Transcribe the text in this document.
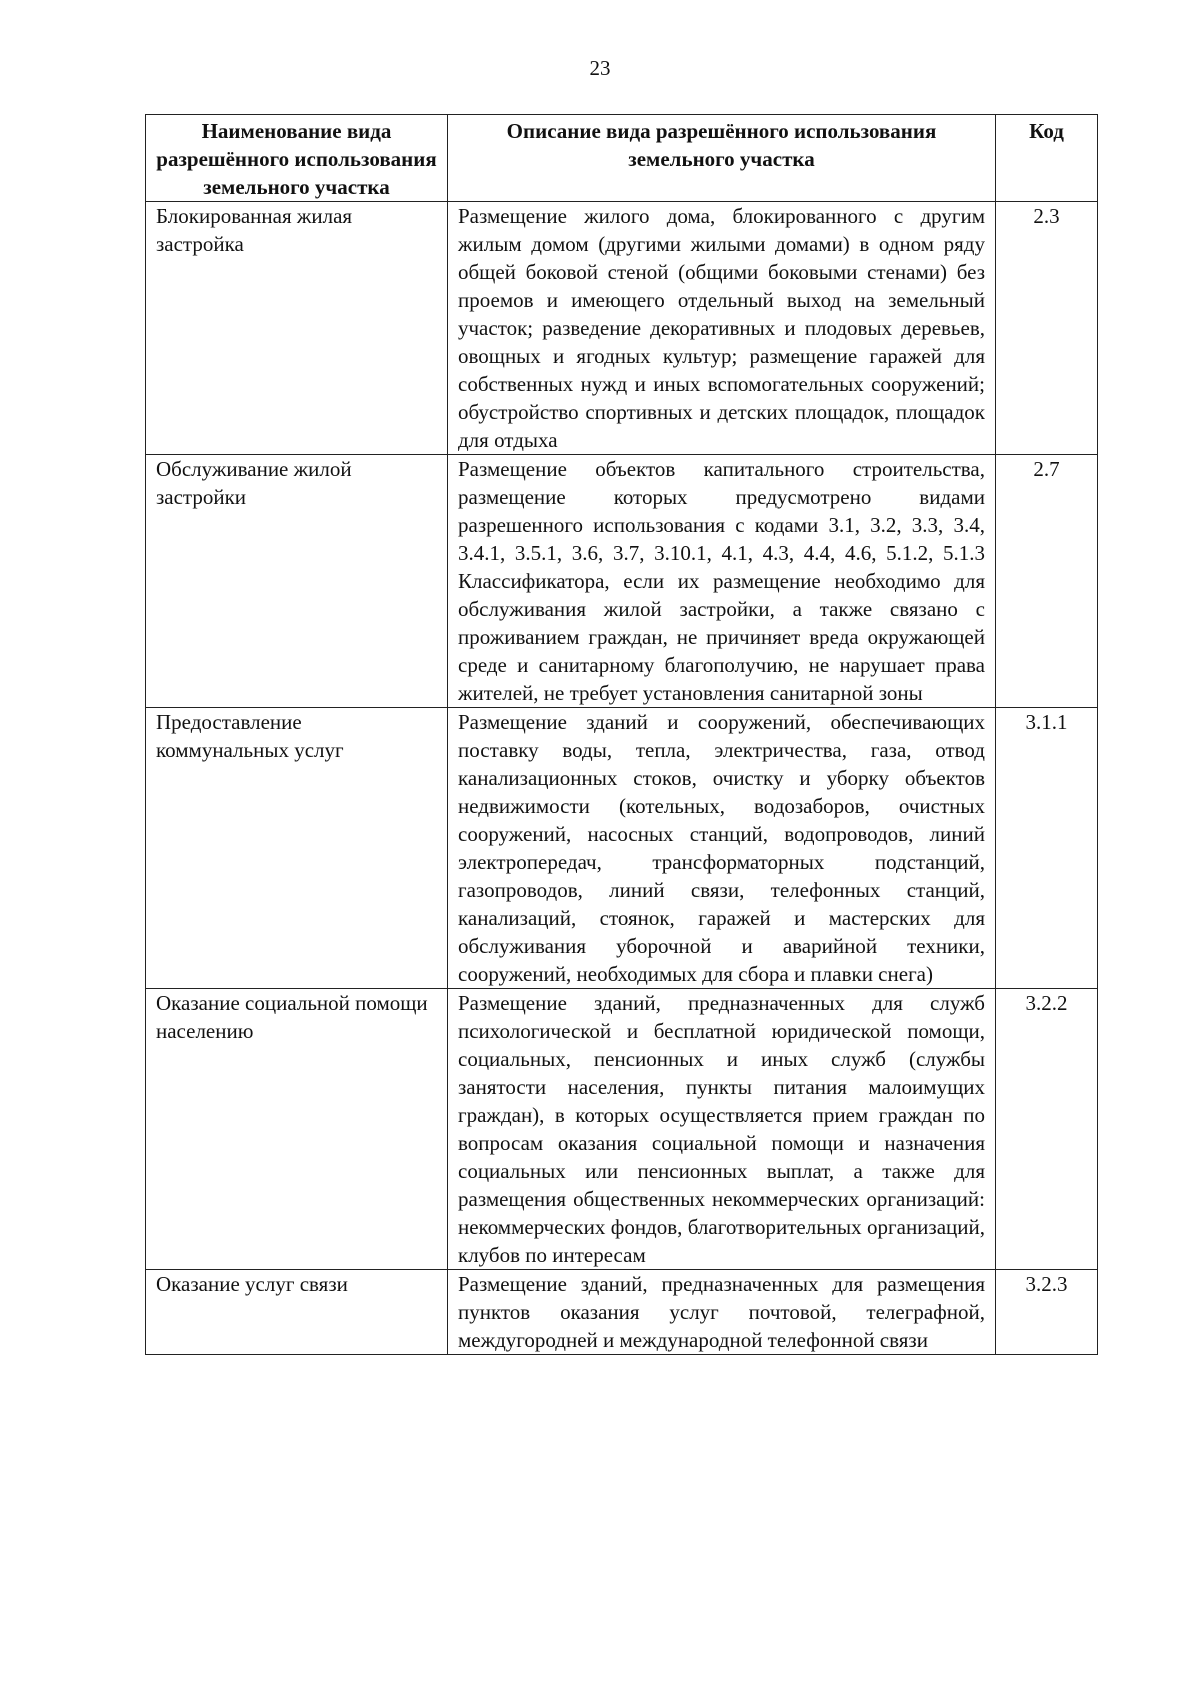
23
Наименование вида разрешённого использования земельного участка	Описание вида разрешённого использования земельного участка	Код
Блокированная жилая застройка	Размещение жилого дома, блокированного с другим жилым домом (другими жилыми домами) в одном ряду общей боковой стеной (общими боковыми стенами) без проемов и имеющего отдельный выход на земельный участок; разведение декоративных и плодовых деревьев, овощных и ягодных культур; размещение гаражей для собственных нужд и иных вспомогательных сооружений; обустройство спортивных и детских площадок, площадок для отдыха	2.3
Обслуживание жилой застройки	Размещение объектов капитального строительства, размещение которых предусмотрено видами разрешенного использования с кодами 3.1, 3.2, 3.3, 3.4, 3.4.1, 3.5.1, 3.6, 3.7, 3.10.1, 4.1, 4.3, 4.4, 4.6, 5.1.2, 5.1.3 Классификатора, если их размещение необходимо для обслуживания жилой застройки, а также связано с проживанием граждан, не причиняет вреда окружающей среде и санитарному благополучию, не нарушает права жителей, не требует установления санитарной зоны	2.7
Предоставление коммунальных услуг	Размещение зданий и сооружений, обеспечивающих поставку воды, тепла, электричества, газа, отвод канализационных стоков, очистку и уборку объектов недвижимости (котельных, водозаборов, очистных сооружений, насосных станций, водопроводов, линий электропередач, трансформаторных подстанций, газопроводов, линий связи, телефонных станций, канализаций, стоянок, гаражей и мастерских для обслуживания уборочной и аварийной техники, сооружений, необходимых для сбора и плавки снега)	3.1.1
Оказание социальной помощи населению	Размещение зданий, предназначенных для служб психологической и бесплатной юридической помощи, социальных, пенсионных и иных служб (службы занятости населения, пункты питания малоимущих граждан), в которых осуществляется прием граждан по вопросам оказания социальной помощи и назначения социальных или пенсионных выплат, а также для размещения общественных некоммерческих организаций: некоммерческих фондов, благотворительных организаций, клубов по интересам	3.2.2
Оказание услуг связи	Размещение зданий, предназначенных для размещения пунктов оказания услуг почтовой, телеграфной, междугородней и международной телефонной связи	3.2.3
